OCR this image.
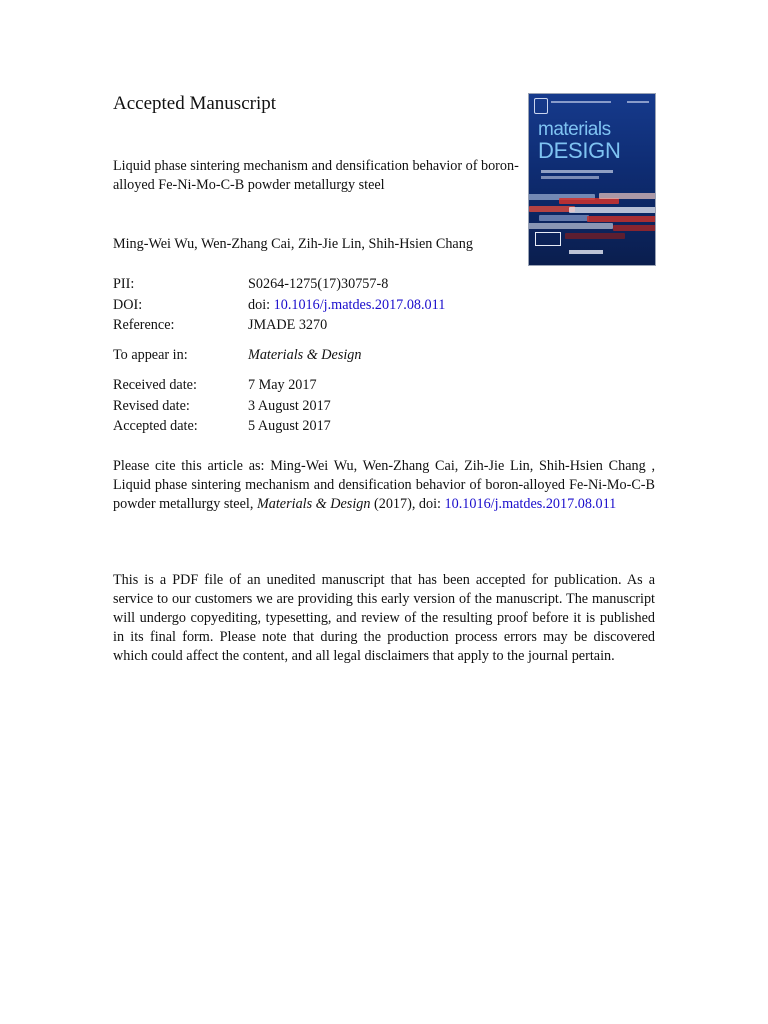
Accepted Manuscript
Liquid phase sintering mechanism and densification behavior of boron-alloyed Fe-Ni-Mo-C-B powder metallurgy steel
Ming-Wei Wu, Wen-Zhang Cai, Zih-Jie Lin, Shih-Hsien Chang
materials
DESIGN
PII:	S0264-1275(17)30757-8
DOI:	doi: 10.1016/j.matdes.2017.08.011
Reference:	JMADE 3270
To appear in:	Materials & Design
Received date:	7 May 2017
Revised date:	3 August 2017
Accepted date:	5 August 2017
Please cite this article as: Ming-Wei Wu, Wen-Zhang Cai, Zih-Jie Lin, Shih-Hsien Chang , Liquid phase sintering mechanism and densification behavior of boron-alloyed Fe-Ni-Mo-C-B powder metallurgy steel, Materials & Design (2017), doi: 10.1016/j.matdes.2017.08.011
This is a PDF file of an unedited manuscript that has been accepted for publication. As a service to our customers we are providing this early version of the manuscript. The manuscript will undergo copyediting, typesetting, and review of the resulting proof before it is published in its final form. Please note that during the production process errors may be discovered which could affect the content, and all legal disclaimers that apply to the journal pertain.
